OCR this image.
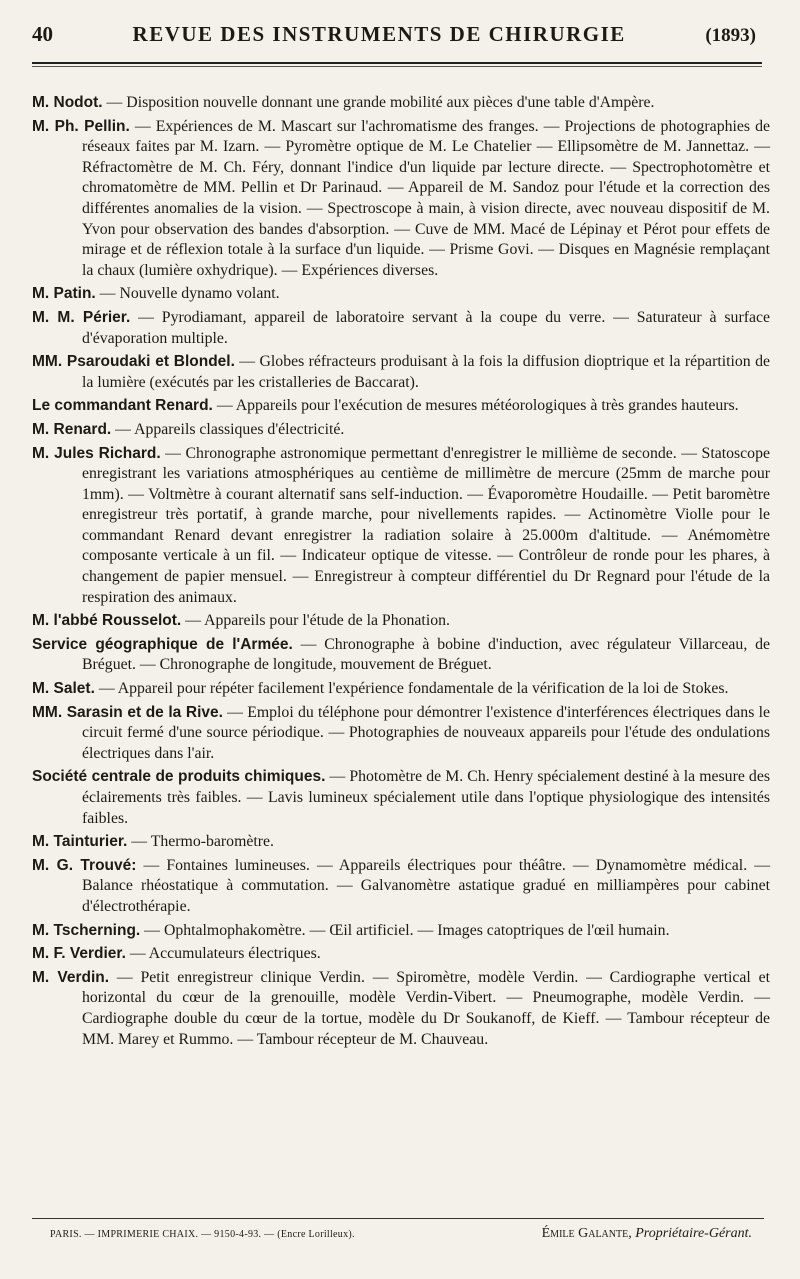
40	REVUE DES INSTRUMENTS DE CHIRURGIE	(1893)

M. Nodot. — Disposition nouvelle donnant une grande mobilité aux pièces d'une table d'Ampère.

M. Ph. Pellin. — Expériences de M. Mascart sur l'achromatisme des franges. — Projections de photographies de réseaux faites par M. Izarn. — Pyromètre optique de M. Le Chatelier — Ellipsomètre de M. Jannettaz. — Réfractomètre de M. Ch. Féry, donnant l'indice d'un liquide par lecture directe. — Spectrophotomètre et chromatomètre de MM. Pellin et Dr Parinaud. — Appareil de M. Sandoz pour l'étude et la correction des différentes anomalies de la vision. — Spectroscope à main, à vision directe, avec nouveau dispositif de M. Yvon pour observation des bandes d'absorption. — Cuve de MM. Macé de Lépinay et Pérot pour effets de mirage et de réflexion totale à la surface d'un liquide. — Prisme Govi. — Disques en Magnésie remplaçant la chaux (lumière oxhydrique). — Expériences diverses.

M. Patin. — Nouvelle dynamo volant.

M. M. Périer. — Pyrodiamant, appareil de laboratoire servant à la coupe du verre. — Saturateur à surface d'évaporation multiple.

MM. Psaroudaki et Blondel. — Globes réfracteurs produisant à la fois la diffusion dioptrique et la répartition de la lumière (exécutés par les cristalleries de Baccarat).

Le commandant Renard. — Appareils pour l'exécution de mesures météorologiques à très grandes hauteurs.

M. Renard. — Appareils classiques d'électricité.

M. Jules Richard. — Chronographe astronomique permettant d'enregistrer le millième de seconde. — Statoscope enregistrant les variations atmosphériques au centième de millimètre de mercure (25mm de marche pour 1mm). — Voltmètre à courant alternatif sans self-induction. — Évaporomètre Houdaille. — Petit baromètre enregistreur très portatif, à grande marche, pour nivellements rapides. — Actinomètre Violle pour le commandant Renard devant enregistrer la radiation solaire à 25.000m d'altitude. — Anémomètre composante verticale à un fil. — Indicateur optique de vitesse. — Contrôleur de ronde pour les phares, à changement de papier mensuel. — Enregistreur à compteur différentiel du Dr Regnard pour l'étude de la respiration des animaux.

M. l'abbé Rousselot. — Appareils pour l'étude de la Phonation.

Service géographique de l'Armée. — Chronographe à bobine d'induction, avec régulateur Villarceau, de Bréguet. — Chronographe de longitude, mouvement de Bréguet.

M. Salet. — Appareil pour répéter facilement l'expérience fondamentale de la vérification de la loi de Stokes.

MM. Sarasin et de la Rive. — Emploi du téléphone pour démontrer l'existence d'interférences électriques dans le circuit fermé d'une source périodique. — Photographies de nouveaux appareils pour l'étude des ondulations électriques dans l'air.

Société centrale de produits chimiques. — Photomètre de M. Ch. Henry spécialement destiné à la mesure des éclairements très faibles. — Lavis lumineux spécialement utile dans l'optique physiologique des intensités faibles.

M. Tainturier. — Thermo-baromètre.

M. G. Trouvé: — Fontaines lumineuses. — Appareils électriques pour théâtre. — Dynamomètre médical. — Balance rhéostatique à commutation. — Galvanomètre astatique gradué en milliampères pour cabinet d'électrothérapie.

M. Tscherning. — Ophtalmophakomètre. — Œil artificiel. — Images catoptriques de l'œil humain.

M. F. Verdier. — Accumulateurs électriques.

M. Verdin. — Petit enregistreur clinique Verdin. — Spiromètre, modèle Verdin. — Cardiographe vertical et horizontal du cœur de la grenouille, modèle Verdin-Vibert. — Pneumographe, modèle Verdin. — Cardiographe double du cœur de la tortue, modèle du Dr Soukanoff, de Kieff. — Tambour récepteur de MM. Marey et Rummo. — Tambour récepteur de M. Chauveau.

PARIS. — IMPRIMERIE CHAIX. — 9150-4-93. — (Encre Lorilleux).	Émile Galante, Propriétaire-Gérant.
